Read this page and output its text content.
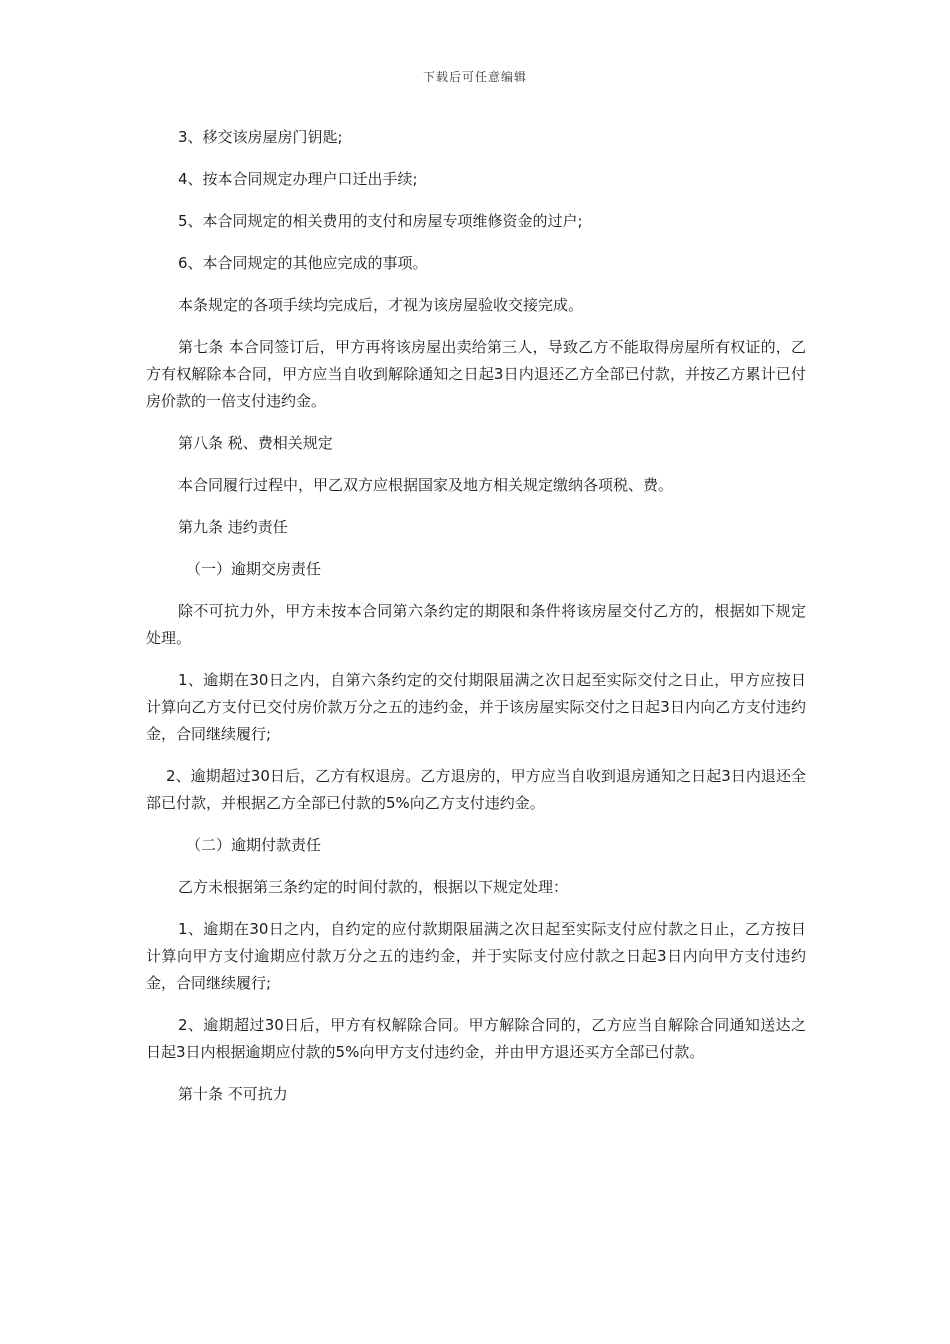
下载后可任意编辑

3、移交该房屋房门钥匙;

4、按本合同规定办理户口迁出手续;

5、本合同规定的相关费用的支付和房屋专项维修资金的过户;

6、本合同规定的其他应完成的事项。

本条规定的各项手续均完成后，才视为该房屋验收交接完成。

第七条 本合同签订后，甲方再将该房屋出卖给第三人，导致乙方不能取得房屋所有权证的，乙方有权解除本合同，甲方应当自收到解除通知之日起3日内退还乙方全部已付款，并按乙方累计已付房价款的一倍支付违约金。

第八条 税、费相关规定

本合同履行过程中，甲乙双方应根据国家及地方相关规定缴纳各项税、费。

第九条 违约责任

（一）逾期交房责任

除不可抗力外，甲方未按本合同第六条约定的期限和条件将该房屋交付乙方的，根据如下规定处理。

1、逾期在30日之内，自第六条约定的交付期限届满之次日起至实际交付之日止，甲方应按日计算向乙方支付已交付房价款万分之五的违约金，并于该房屋实际交付之日起3日内向乙方支付违约金，合同继续履行;

2、逾期超过30日后，乙方有权退房。乙方退房的，甲方应当自收到退房通知之日起3日内退还全部已付款，并根据乙方全部已付款的5%向乙方支付违约金。

（二）逾期付款责任

乙方未根据第三条约定的时间付款的，根据以下规定处理：

1、逾期在30日之内，自约定的应付款期限届满之次日起至实际支付应付款之日止，乙方按日计算向甲方支付逾期应付款万分之五的违约金，并于实际支付应付款之日起3日内向甲方支付违约金，合同继续履行;

2、逾期超过30日后，甲方有权解除合同。甲方解除合同的，乙方应当自解除合同通知送达之日起3日内根据逾期应付款的5%向甲方支付违约金，并由甲方退还买方全部已付款。

第十条 不可抗力
